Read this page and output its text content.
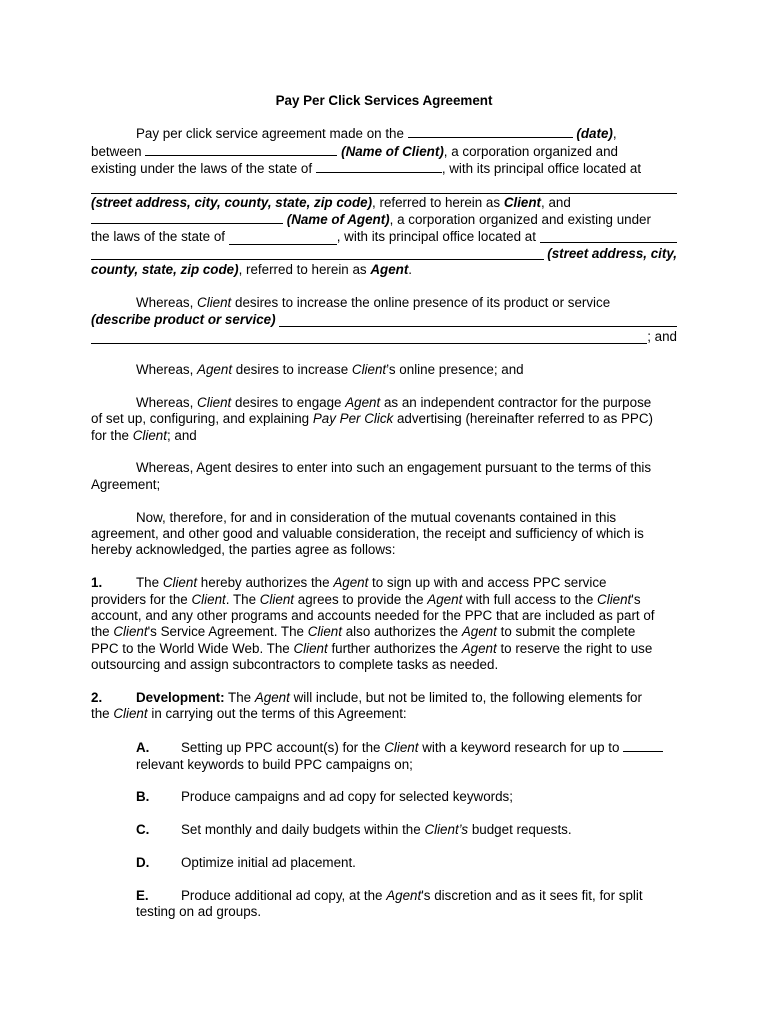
Pay Per Click Services Agreement

Pay per click service agreement made on the	(date),
between	(Name of Client), a corporation organized and
existing under the laws of the state of	, with its principal office located at
(street address, city, county, state, zip code), referred to herein as Client, and
(Name of Agent), a corporation organized and existing under
the laws of the state of
	, with its principal office located at

(street address, city,
county, state, zip code), referred to herein as Agent.

Whereas, Client desires to increase the online presence of its product or service
(describe product or service)

; and

Whereas, Agent desires to increase Client’s online presence; and

Whereas, Client desires to engage Agent as an independent contractor for the purpose
of set up, configuring, and explaining Pay Per Click advertising (hereinafter referred to as PPC)
for the Client; and

Whereas, Agent desires to enter into such an engagement pursuant to the terms of this
Agreement;

Now, therefore, for and in consideration of the mutual covenants contained in this
agreement, and other good and valuable consideration, the receipt and sufficiency of which is
hereby acknowledged, the parties agree as follows:

1.	The Client hereby authorizes the Agent to sign up with and access PPC service
providers for the Client. The Client agrees to provide the Agent with full access to the Client's
account, and any other programs and accounts needed for the PPC that are included as part of
the Client's Service Agreement. The Client also authorizes the Agent to submit the complete
PPC to the World Wide Web. The Client further authorizes the Agent to reserve the right to use
outsourcing and assign subcontractors to complete tasks as needed.

2.	Development: The Agent will include, but not be limited to, the following elements for
the Client in carrying out the terms of this Agreement:

A. Setting up PPC account(s) for the Client with a keyword research for up to
relevant keywords to build PPC campaigns on;

B. Produce campaigns and ad copy for selected keywords;

C. Set monthly and daily budgets within the Client’s budget requests.

D. Optimize initial ad placement.

E. Produce additional ad copy, at the Agent's discretion and as it sees fit, for split
testing on ad groups.
